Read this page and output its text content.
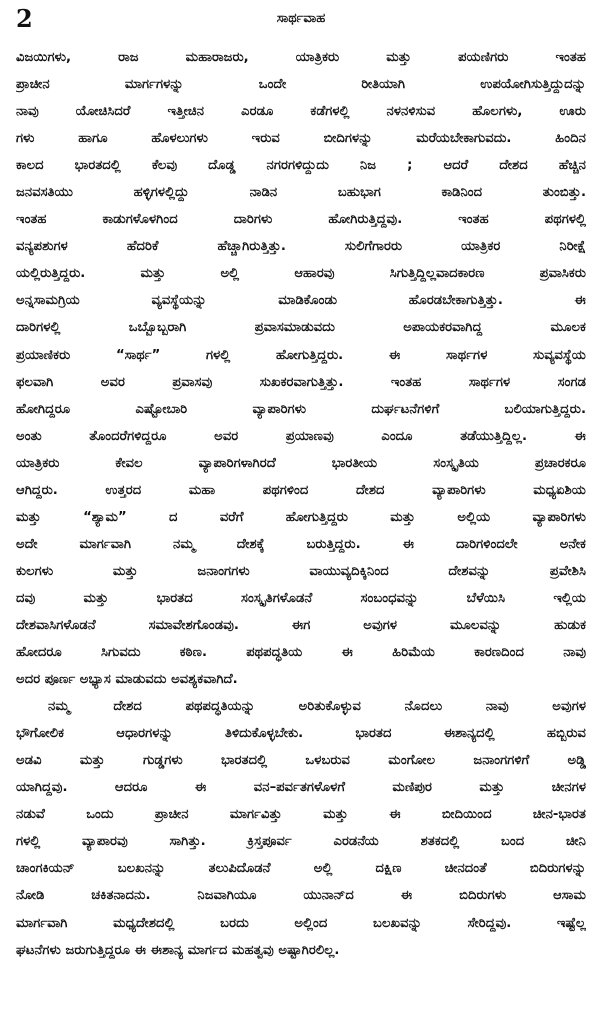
2	ಸಾರ್ಥವಾಹ
ವಿಜಯಿಗಳು, ರಾಜ ಮಹಾರಾಜರು, ಯಾತ್ರಿಕರು ಮತ್ತು ಪಯಣಿಗರು ಇಂತಹ
ಪ್ರಾಚೀನ ಮಾರ್ಗಗಳನ್ನು ಒಂದೇ ರೀತಿಯಾಗಿ ಉಪಯೋಗಿಸುತ್ತಿದ್ದುದನ್ನು
ನಾವು ಯೋಚಿಸಿದರೆ ಇತ್ತೀಚಿನ ಎರಡೂ ಕಡೆಗಳಲ್ಲಿ ನಳನಳಿಸುವ ಹೊಲಗಳು, ಊರು
ಗಳು ಹಾಗೂ ಹೊಳಲುಗಳು ಇರುವ ಬೀದಿಗಳನ್ನು ಮರೆಯಬೇಕಾಗುವದು. ಹಿಂದಿನ
ಕಾಲದ ಭಾರತದಲ್ಲಿ ಕೆಲವು ದೊಡ್ಡ ನಗರಗಳಿದ್ದುದು ನಿಜ ; ಆದರೆ ದೇಶದ ಹೆಚ್ಚಿನ
ಜನವಸತಿಯು ಹಳ್ಳಿಗಳಲ್ಲಿದ್ದು ನಾಡಿನ ಬಹುಭಾಗ ಕಾಡಿನಿಂದ ತುಂಬಿತ್ತು.
ಇಂತಹ ಕಾಡುಗಳೊಳಗಿಂದ ದಾರಿಗಳು ಹೋಗಿರುತ್ತಿದ್ದವು. ಇಂತಹ ಪಥಗಳಲ್ಲಿ
ವನ್ಯಪಶುಗಳ ಹೆದರಿಕೆ ಹೆಚ್ಚಾಗಿರುತ್ತಿತ್ತು. ಸುಲಿಗೆಗಾರರು ಯಾತ್ರಿಕರ ನಿರೀಕ್ಷೆ
ಯಲ್ಲಿರುತ್ತಿದ್ದರು. ಮತ್ತು ಅಲ್ಲಿ ಆಹಾರವು ಸಿಗುತ್ತಿದ್ದಿಲ್ಲವಾದಕಾರಣ ಪ್ರವಾಸಿಕರು
ಅನ್ನಸಾಮಗ್ರಿಯ ವ್ಯವಸ್ಥೆಯನ್ನು ಮಾಡಿಕೊಂಡು ಹೊರಡಬೇಕಾಗುತ್ತಿತ್ತು. ಈ
ದಾರಿಗಳಲ್ಲಿ ಒಬ್ಬೊಬ್ಬರಾಗಿ ಪ್ರವಾಸಮಾಡುವದು ಅಪಾಯಕರವಾಗಿದ್ದ ಮೂಲಕ
ಪ್ರಯಾಣಿಕರು “ಸಾರ್ಥ” ಗಳಲ್ಲಿ ಹೋಗುತ್ತಿದ್ದರು. ಈ ಸಾರ್ಥಗಳ ಸುವ್ಯವಸ್ಥೆಯ
ಫಲವಾಗಿ ಅವರ ಪ್ರವಾಸವು ಸುಖಕರವಾಗುತ್ತಿತ್ತು. ಇಂತಹ ಸಾರ್ಥಗಳ ಸಂಗಡ
ಹೋಗಿದ್ದರೂ ಎಷ್ಟೋಬಾರಿ ವ್ಯಾಪಾರಿಗಳು ದುರ್ಘಟನೆಗಳಿಗೆ ಬಲಿಯಾಗುತ್ತಿದ್ದರು.
ಅಂತು ತೊಂದರೆಗಳಿದ್ದರೂ ಅವರ ಪ್ರಯಾಣವು ಎಂದೂ ತಡೆಯುತ್ತಿದ್ದಿಲ್ಲ. ಈ
ಯಾತ್ರಿಕರು ಕೇವಲ ವ್ಯಾಪಾರಿಗಳಾಗಿರದೆ ಭಾರತೀಯ ಸಂಸ್ಕೃತಿಯ ಪ್ರಚಾರಕರೂ
ಆಗಿದ್ದರು. ಉತ್ತರದ ಮಹಾ ಪಥಗಳಿಂದ ದೇಶದ ವ್ಯಾಪಾರಿಗಳು ಮಧ್ಯಏಶಿಯ
ಮತ್ತು “ಶ್ಯಾಮ” ದ ವರೆಗೆ ಹೋಗುತ್ತಿದ್ದರು ಮತ್ತು ಅಲ್ಲಿಯ ವ್ಯಾಪಾರಿಗಳು
ಅದೇ ಮಾರ್ಗವಾಗಿ ನಮ್ಮ ದೇಶಕ್ಕೆ ಬರುತ್ತಿದ್ದರು. ಈ ದಾರಿಗಳಿಂದಲೇ ಅನೇಕ
ಕುಲಗಳು ಮತ್ತು ಜನಾಂಗಗಳು ವಾಯುವ್ಯದಿಕ್ಕಿನಿಂದ ದೇಶವನ್ನು ಪ್ರವೇಶಿಸಿ
ದವು ಮತ್ತು ಭಾರತದ ಸಂಸ್ಕೃತಿಗಳೊಡನೆ ಸಂಬಂಧವನ್ನು ಬೆಳೆಯಿಸಿ ಇಲ್ಲಿಯ
ದೇಶವಾಸಿಗಳೊಡನೆ ಸಮಾವೇಶಗೊಂಡವು. ಈಗ ಅವುಗಳ ಮೂಲವನ್ನು ಹುಡುಕ
ಹೋದರೂ ಸಿಗುವದು ಕಠಿಣ. ಪಥಪದ್ಧತಿಯ ಈ ಹಿರಿಮೆಯ ಕಾರಣದಿಂದ ನಾವು
ಅದರ ಪೂರ್ಣ ಅಭ್ಯಾಸ ಮಾಡುವದು ಅವಶ್ಯಕವಾಗಿದೆ.
ನಮ್ಮ ದೇಶದ ಪಥಪದ್ಧತಿಯನ್ನು ಅರಿತುಕೊಳ್ಳುವ ನೊದಲು ನಾವು ಅವುಗಳ
ಭೌಗೋಲಿಕ ಆಧಾರಗಳನ್ನು ತಿಳಿದುಕೊಳ್ಳಬೇಕು. ಭಾರತದ ಈಶಾನ್ಯದಲ್ಲಿ ಹಬ್ಬಿರುವ
ಅಡವಿ ಮತ್ತು ಗುಡ್ಡಗಳು ಭಾರತದಲ್ಲಿ ಒಳಬರುವ ಮಂಗೋಲ ಜನಾಂಗಗಳಿಗೆ ಅಡ್ಡಿ
ಯಾಗಿದ್ದವು. ಆದರೂ ಈ ವನ–ಪರ್ವತಗಳೊಳಗೆ ಮಣಿಪುರ ಮತ್ತು ಚೀನಗಳ
ನಡುವೆ ಒಂದು ಪ್ರಾಚೀನ ಮಾರ್ಗವಿತ್ತು ಮತ್ತು ಈ ಬೀದಿಯಿಂದ ಚೀನ-ಭಾರತ
ಗಳಲ್ಲಿ ವ್ಯಾಪಾರವು ಸಾಗಿತ್ತು. ಕ್ರಿಸ್ತಪೂರ್ವ ಎರಡನೆಯ ಶತಕದಲ್ಲಿ ಬಂದ ಚೀನಿ
ಚಾಂಗಕಿಯನ್ ಬಲಖನನ್ನು ತಲುಪಿದೊಡನೆ ಅಲ್ಲಿ ದಕ್ಷಿಣ ಚೀನದಂತೆ ಬಿದಿರುಗಳನ್ನು
ನೋಡಿ ಚಕಿತನಾದನು. ನಿಜವಾಗಿಯೂ ಯುನಾನ್‌ದ ಈ ಬಿದಿರುಗಳು ಆಸಾಮ
ಮಾರ್ಗವಾಗಿ ಮಧ್ಯದೇಶದಲ್ಲಿ ಬರದು ಅಲ್ಲಿಂದ ಬಲಖವನ್ನು ಸೇರಿದ್ದವು. ಇಷ್ಟೆಲ್ಲ
ಘಟನೆಗಳು ಜರುಗುತ್ತಿದ್ದರೂ ಈ ಈಶಾನ್ಯ ಮಾರ್ಗದ ಮಹತ್ವವು ಅಷ್ಟಾಗಿರಲಿಲ್ಲ.
